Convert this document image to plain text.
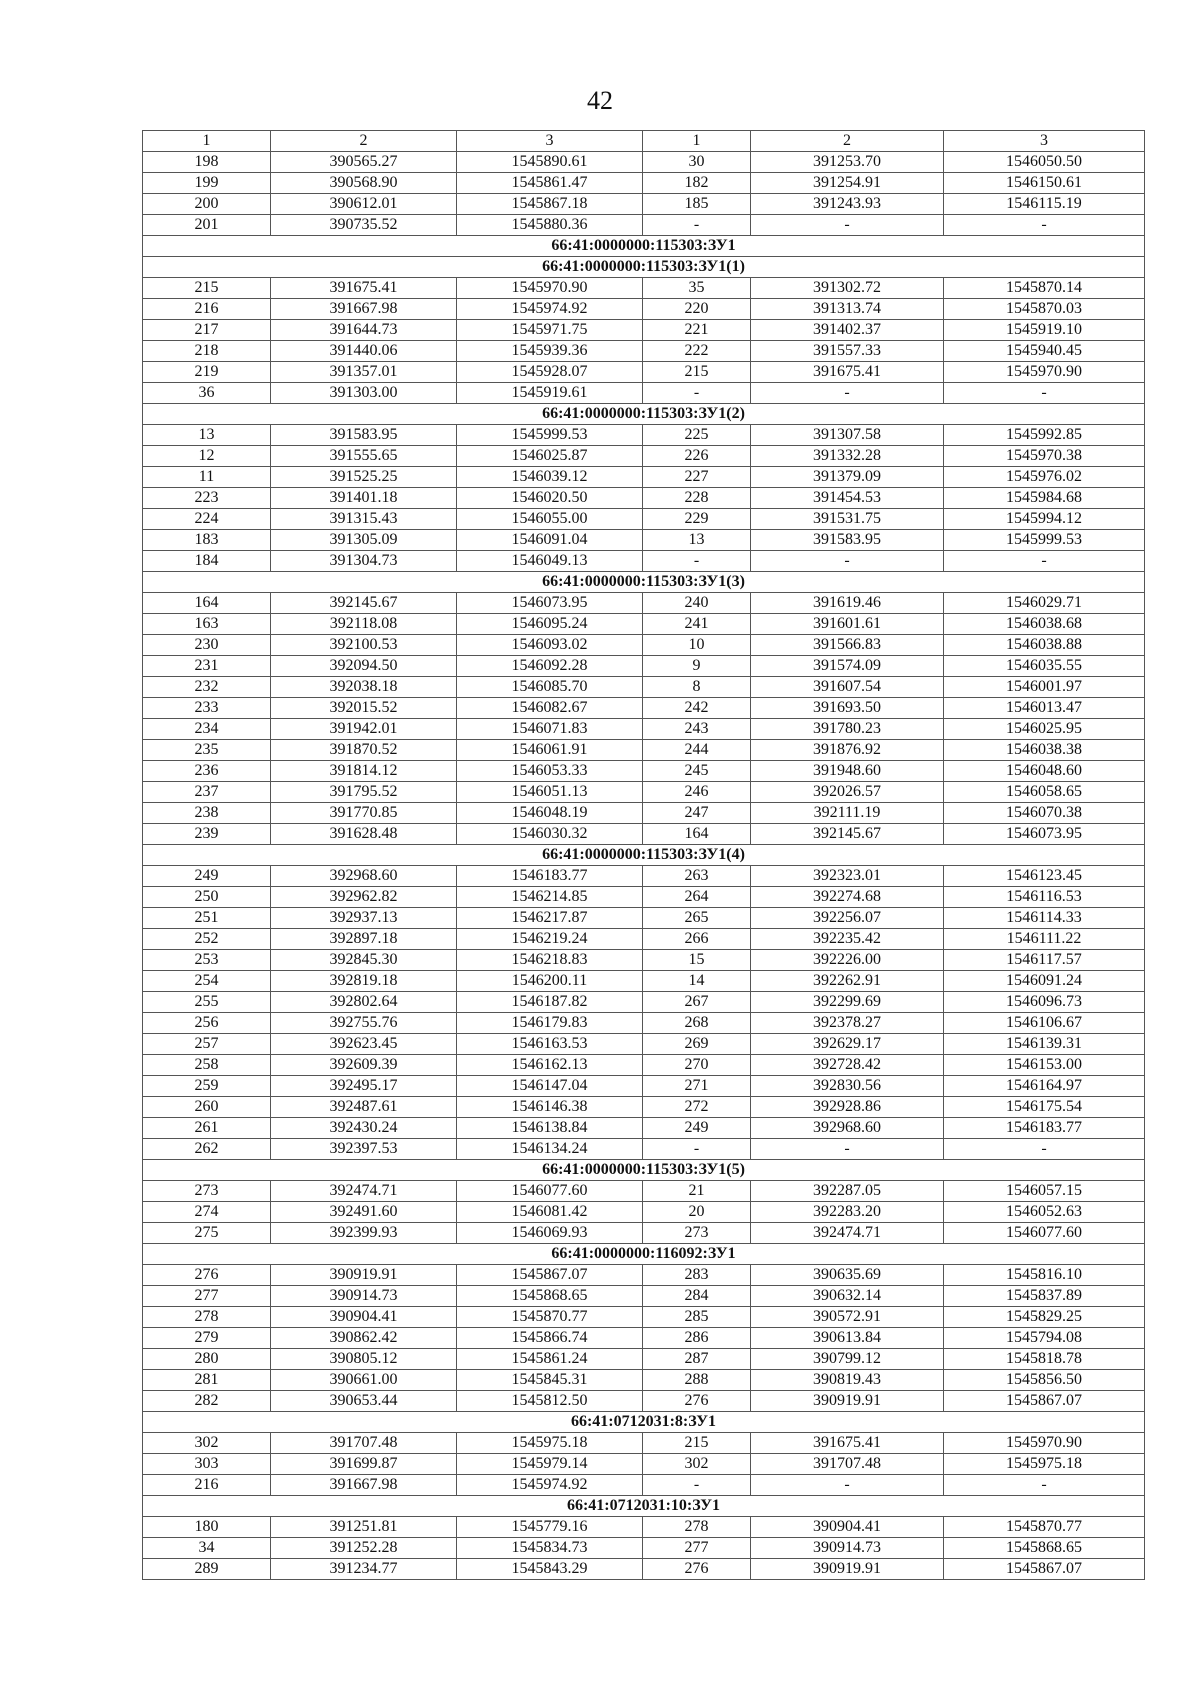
42
1	2	3	1	2	3
198	390565.27	1545890.61	30	391253.70	1546050.50
199	390568.90	1545861.47	182	391254.91	1546150.61
200	390612.01	1545867.18	185	391243.93	1546115.19
201	390735.52	1545880.36	-	-	-
66:41:0000000:115303:ЗУ1					
66:41:0000000:115303:ЗУ1(1)					
215	391675.41	1545970.90	35	391302.72	1545870.14
216	391667.98	1545974.92	220	391313.74	1545870.03
217	391644.73	1545971.75	221	391402.37	1545919.10
218	391440.06	1545939.36	222	391557.33	1545940.45
219	391357.01	1545928.07	215	391675.41	1545970.90
36	391303.00	1545919.61	-	-	-
66:41:0000000:115303:ЗУ1(2)					
13	391583.95	1545999.53	225	391307.58	1545992.85
12	391555.65	1546025.87	226	391332.28	1545970.38
11	391525.25	1546039.12	227	391379.09	1545976.02
223	391401.18	1546020.50	228	391454.53	1545984.68
224	391315.43	1546055.00	229	391531.75	1545994.12
183	391305.09	1546091.04	13	391583.95	1545999.53
184	391304.73	1546049.13	-	-	-
66:41:0000000:115303:ЗУ1(3)					
164	392145.67	1546073.95	240	391619.46	1546029.71
163	392118.08	1546095.24	241	391601.61	1546038.68
230	392100.53	1546093.02	10	391566.83	1546038.88
231	392094.50	1546092.28	9	391574.09	1546035.55
232	392038.18	1546085.70	8	391607.54	1546001.97
233	392015.52	1546082.67	242	391693.50	1546013.47
234	391942.01	1546071.83	243	391780.23	1546025.95
235	391870.52	1546061.91	244	391876.92	1546038.38
236	391814.12	1546053.33	245	391948.60	1546048.60
237	391795.52	1546051.13	246	392026.57	1546058.65
238	391770.85	1546048.19	247	392111.19	1546070.38
239	391628.48	1546030.32	164	392145.67	1546073.95
66:41:0000000:115303:ЗУ1(4)					
249	392968.60	1546183.77	263	392323.01	1546123.45
250	392962.82	1546214.85	264	392274.68	1546116.53
251	392937.13	1546217.87	265	392256.07	1546114.33
252	392897.18	1546219.24	266	392235.42	1546111.22
253	392845.30	1546218.83	15	392226.00	1546117.57
254	392819.18	1546200.11	14	392262.91	1546091.24
255	392802.64	1546187.82	267	392299.69	1546096.73
256	392755.76	1546179.83	268	392378.27	1546106.67
257	392623.45	1546163.53	269	392629.17	1546139.31
258	392609.39	1546162.13	270	392728.42	1546153.00
259	392495.17	1546147.04	271	392830.56	1546164.97
260	392487.61	1546146.38	272	392928.86	1546175.54
261	392430.24	1546138.84	249	392968.60	1546183.77
262	392397.53	1546134.24	-	-	-
66:41:0000000:115303:ЗУ1(5)					
273	392474.71	1546077.60	21	392287.05	1546057.15
274	392491.60	1546081.42	20	392283.20	1546052.63
275	392399.93	1546069.93	273	392474.71	1546077.60
66:41:0000000:116092:ЗУ1					
276	390919.91	1545867.07	283	390635.69	1545816.10
277	390914.73	1545868.65	284	390632.14	1545837.89
278	390904.41	1545870.77	285	390572.91	1545829.25
279	390862.42	1545866.74	286	390613.84	1545794.08
280	390805.12	1545861.24	287	390799.12	1545818.78
281	390661.00	1545845.31	288	390819.43	1545856.50
282	390653.44	1545812.50	276	390919.91	1545867.07
66:41:0712031:8:ЗУ1					
302	391707.48	1545975.18	215	391675.41	1545970.90
303	391699.87	1545979.14	302	391707.48	1545975.18
216	391667.98	1545974.92	-	-	-
66:41:0712031:10:ЗУ1					
180	391251.81	1545779.16	278	390904.41	1545870.77
34	391252.28	1545834.73	277	390914.73	1545868.65
289	391234.77	1545843.29	276	390919.91	1545867.07
